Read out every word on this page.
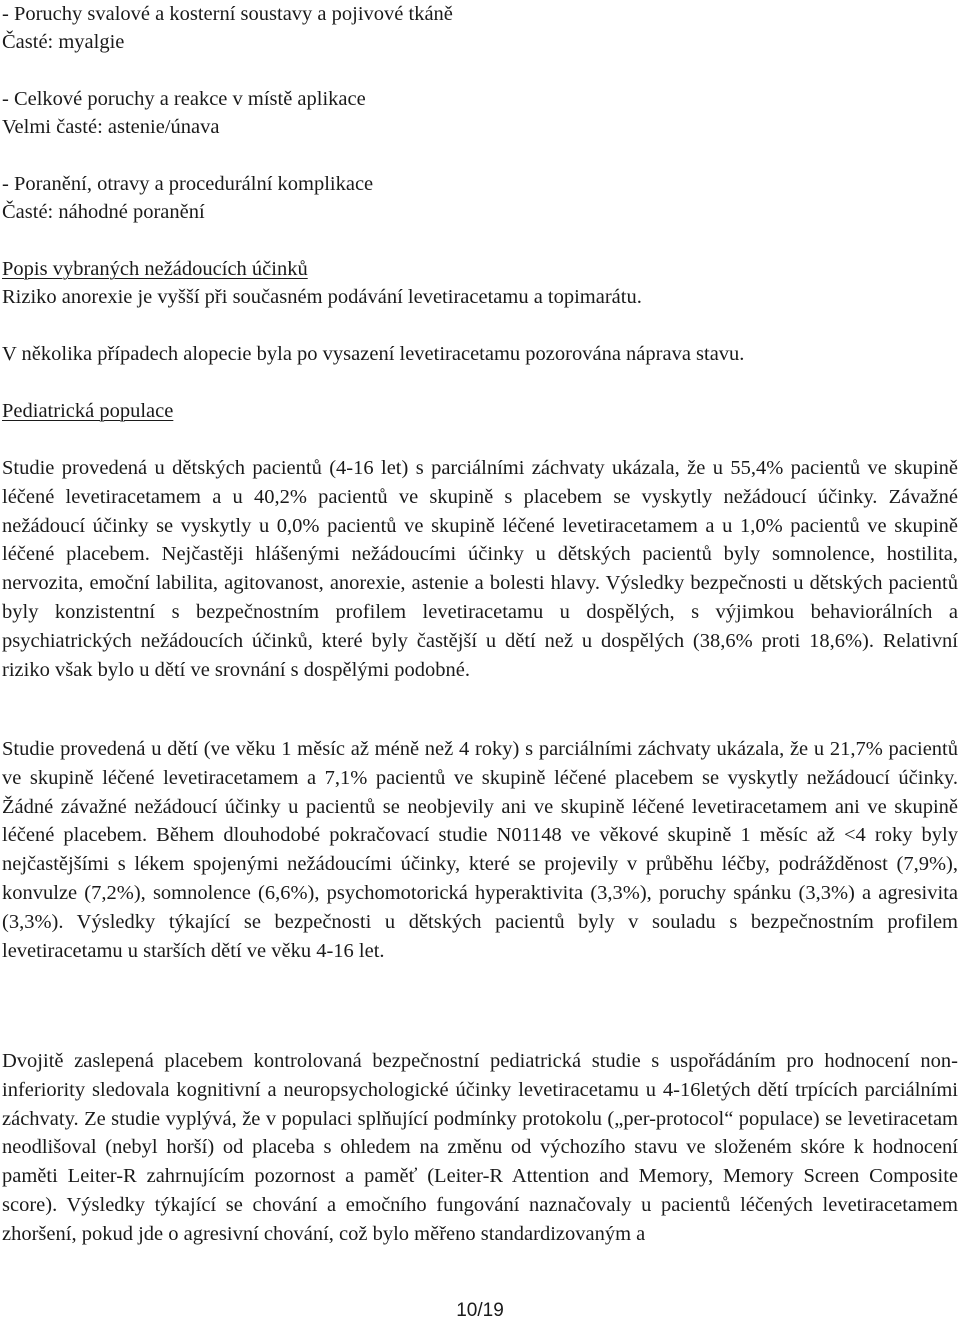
- Poruchy svalové a kosterní soustavy a pojivové tkáně
Časté: myalgie
- Celkové poruchy a reakce v místě aplikace
Velmi časté: astenie/únava
- Poranění, otravy a procedurální komplikace
Časté: náhodné poranění
Popis vybraných nežádoucích účinků
Riziko anorexie je vyšší při současném podávání levetiracetamu a topimarátu.
V několika případech alopecie byla po vysazení levetiracetamu pozorována náprava stavu.
Pediatrická populace

Studie provedená u dětských pacientů (4-16 let) s parciálními záchvaty ukázala, že u 55,4% pacientů ve skupině léčené levetiracetamem a u 40,2% pacientů ve skupině s placebem se vyskytly nežádoucí účinky. Závažné nežádoucí účinky se vyskytly u 0,0% pacientů ve skupině léčené levetiracetamem a u 1,0% pacientů ve skupině léčené placebem. Nejčastěji hlášenými nežádoucími účinky u dětských pacientů byly somnolence, hostilita, nervozita, emoční labilita, agitovanost, anorexie, astenie a bolesti hlavy. Výsledky bezpečnosti u dětských pacientů byly konzistentní s bezpečnostním profilem levetiracetamu u dospělých, s výjimkou behaviorálních a psychiatrických nežádoucích účinků, které byly častější u dětí než u dospělých (38,6% proti 18,6%). Relativní riziko však bylo u dětí ve srovnání s dospělými podobné.

Studie provedená u dětí (ve věku 1 měsíc až méně než 4 roky) s parciálními záchvaty ukázala, že u 21,7% pacientů ve skupině léčené levetiracetamem a 7,1% pacientů ve skupině léčené placebem se vyskytly nežádoucí účinky. Žádné závažné nežádoucí účinky u pacientů se neobjevily ani ve skupině léčené levetiracetamem ani ve skupině léčené placebem. Během dlouhodobé pokračovací studie N01148 ve věkové skupině 1 měsíc až <4 roky byly nejčastějšími s lékem spojenými nežádoucími účinky, které se projevily v průběhu léčby, podrážděnost (7,9%), konvulze (7,2%), somnolence (6,6%), psychomotorická hyperaktivita (3,3%), poruchy spánku (3,3%) a agresivita (3,3%). Výsledky týkající se bezpečnosti u dětských pacientů byly v souladu s bezpečnostním profilem levetiracetamu u starších dětí ve věku 4-16 let.

Dvojitě zaslepená placebem kontrolovaná bezpečnostní pediatrická studie s uspořádáním pro hodnocení non-inferiority sledovala kognitivní a neuropsychologické účinky levetiracetamu u 4-16letých dětí trpících parciálními záchvaty. Ze studie vyplývá, že v populaci splňující podmínky protokolu („per-protocol“ populace) se levetiracetam neodlišoval (nebyl horší) od placeba s ohledem na změnu od výchozího stavu ve složeném skóre k hodnocení paměti Leiter-R zahrnujícím pozornost a paměť (Leiter-R Attention and Memory, Memory Screen Composite score). Výsledky týkající se chování a emočního fungování naznačovaly u pacientů léčených levetiracetamem zhoršení, pokud jde o agresivní chování, což bylo měřeno standardizovaným a

10/19
